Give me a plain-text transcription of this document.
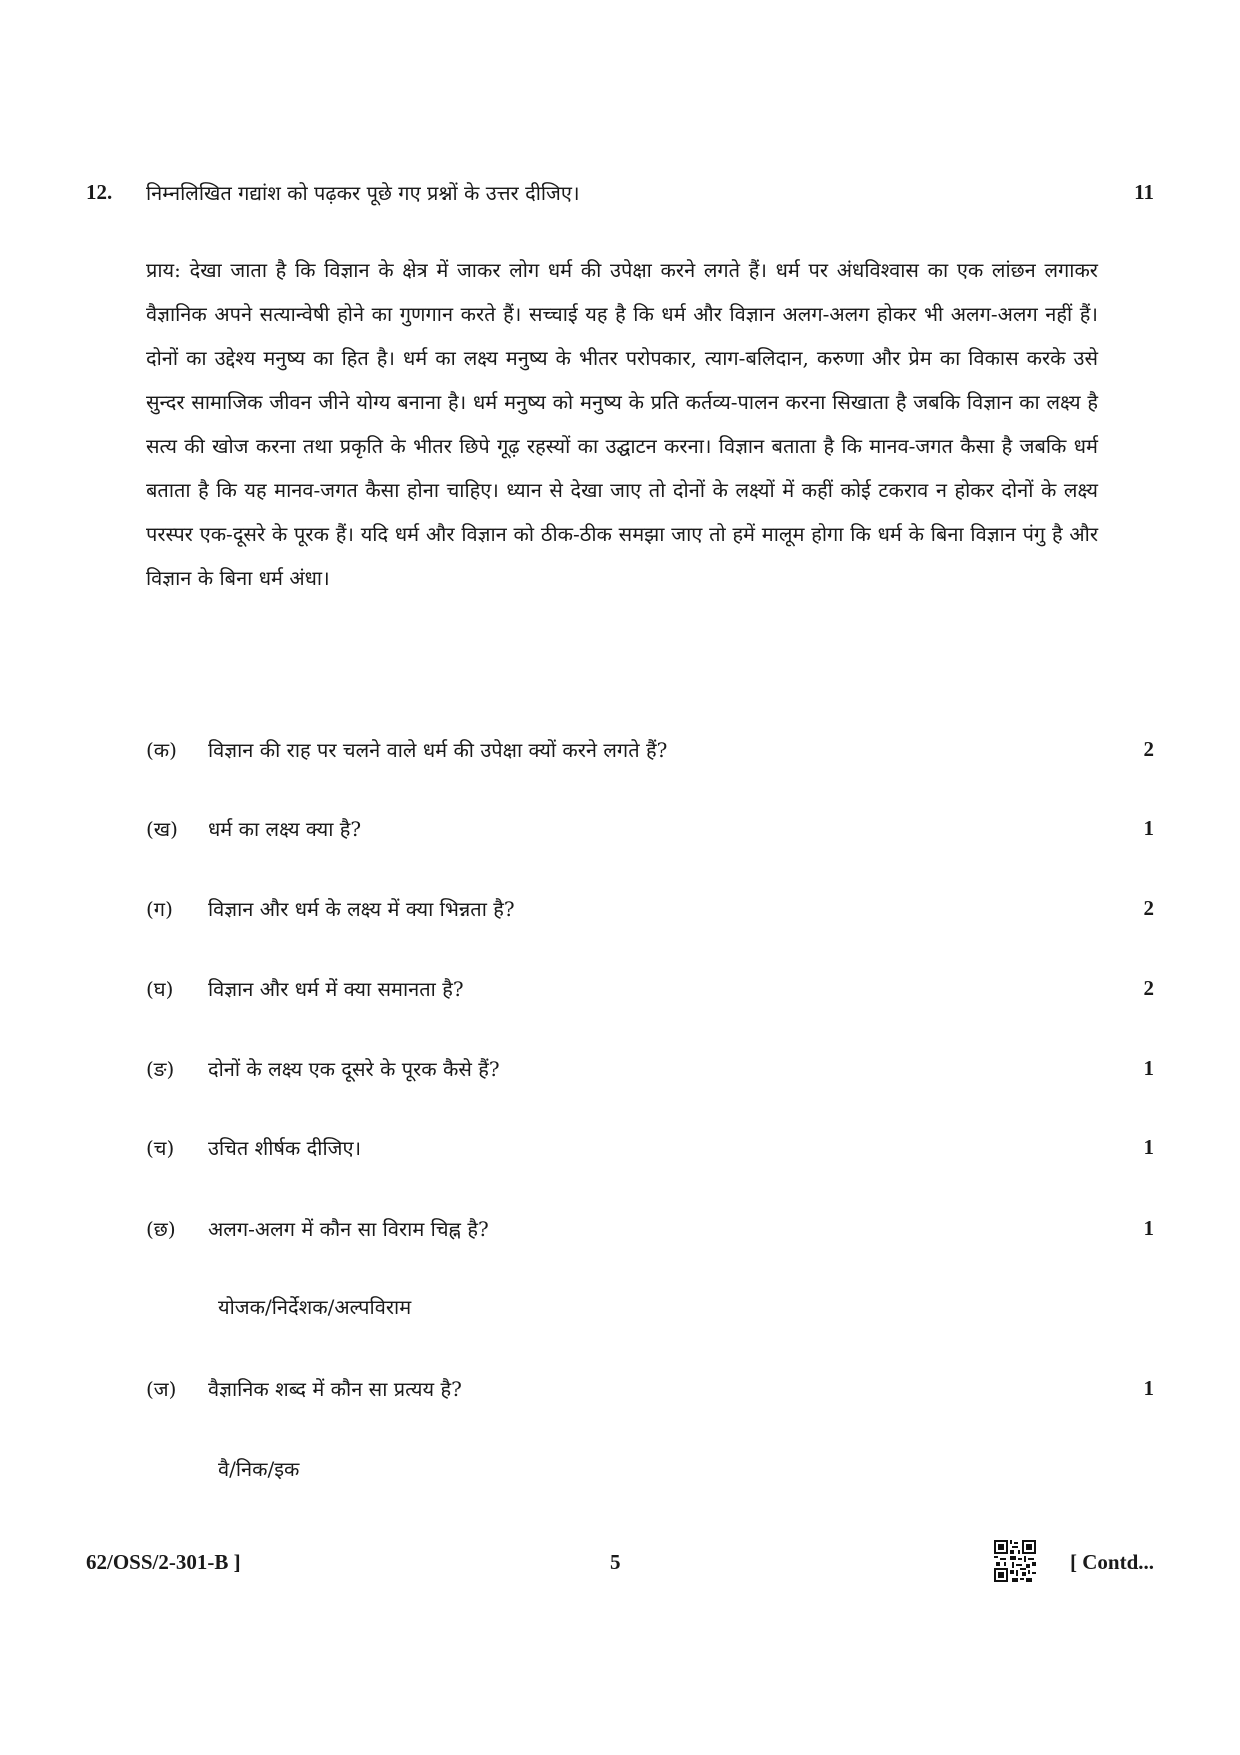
12.	निम्नलिखित गद्यांश को पढ़कर पूछे गए प्रश्नों के उत्तर दीजिए।	11

प्राय: देखा जाता है कि विज्ञान के क्षेत्र में जाकर लोग धर्म की उपेक्षा करने लगते हैं। धर्म पर अंधविश्वास का एक लांछन लगाकर वैज्ञानिक अपने सत्यान्वेषी होने का गुणगान करते हैं। सच्चाई यह है कि धर्म और विज्ञान अलग-अलग होकर भी अलग-अलग नहीं हैं। दोनों का उद्देश्य मनुष्य का हित है। धर्म का लक्ष्य मनुष्य के भीतर परोपकार, त्याग-बलिदान, करुणा और प्रेम का विकास करके उसे सुन्दर सामाजिक जीवन जीने योग्य बनाना है। धर्म मनुष्य को मनुष्य के प्रति कर्तव्य-पालन करना सिखाता है जबकि विज्ञान का लक्ष्य है सत्य की खोज करना तथा प्रकृति के भीतर छिपे गूढ़ रहस्यों का उद्घाटन करना। विज्ञान बताता है कि मानव-जगत कैसा है जबकि धर्म बताता है कि यह मानव-जगत कैसा होना चाहिए। ध्यान से देखा जाए तो दोनों के लक्ष्यों में कहीं कोई टकराव न होकर दोनों के लक्ष्य परस्पर एक-दूसरे के पूरक हैं। यदि धर्म और विज्ञान को ठीक-ठीक समझा जाए तो हमें मालूम होगा कि धर्म के बिना विज्ञान पंगु है और विज्ञान के बिना धर्म अंधा।

(क)	विज्ञान की राह पर चलने वाले धर्म की उपेक्षा क्यों करने लगते हैं?	2
(ख)	धर्म का लक्ष्य क्या है?	1
(ग)	विज्ञान और धर्म के लक्ष्य में क्या भिन्नता है?	2
(घ)	विज्ञान और धर्म में क्या समानता है?	2
(ङ)	दोनों के लक्ष्य एक दूसरे के पूरक कैसे हैं?	1
(च)	उचित शीर्षक दीजिए।	1
(छ)	अलग-अलग में कौन सा विराम चिह्न है?	1
योजक/निर्देशक/अल्पविराम
(ज)	वैज्ञानिक शब्द में कौन सा प्रत्यय है?	1
वै/निक/इक
62/OSS/2-301-B ]	5	[ Contd...
